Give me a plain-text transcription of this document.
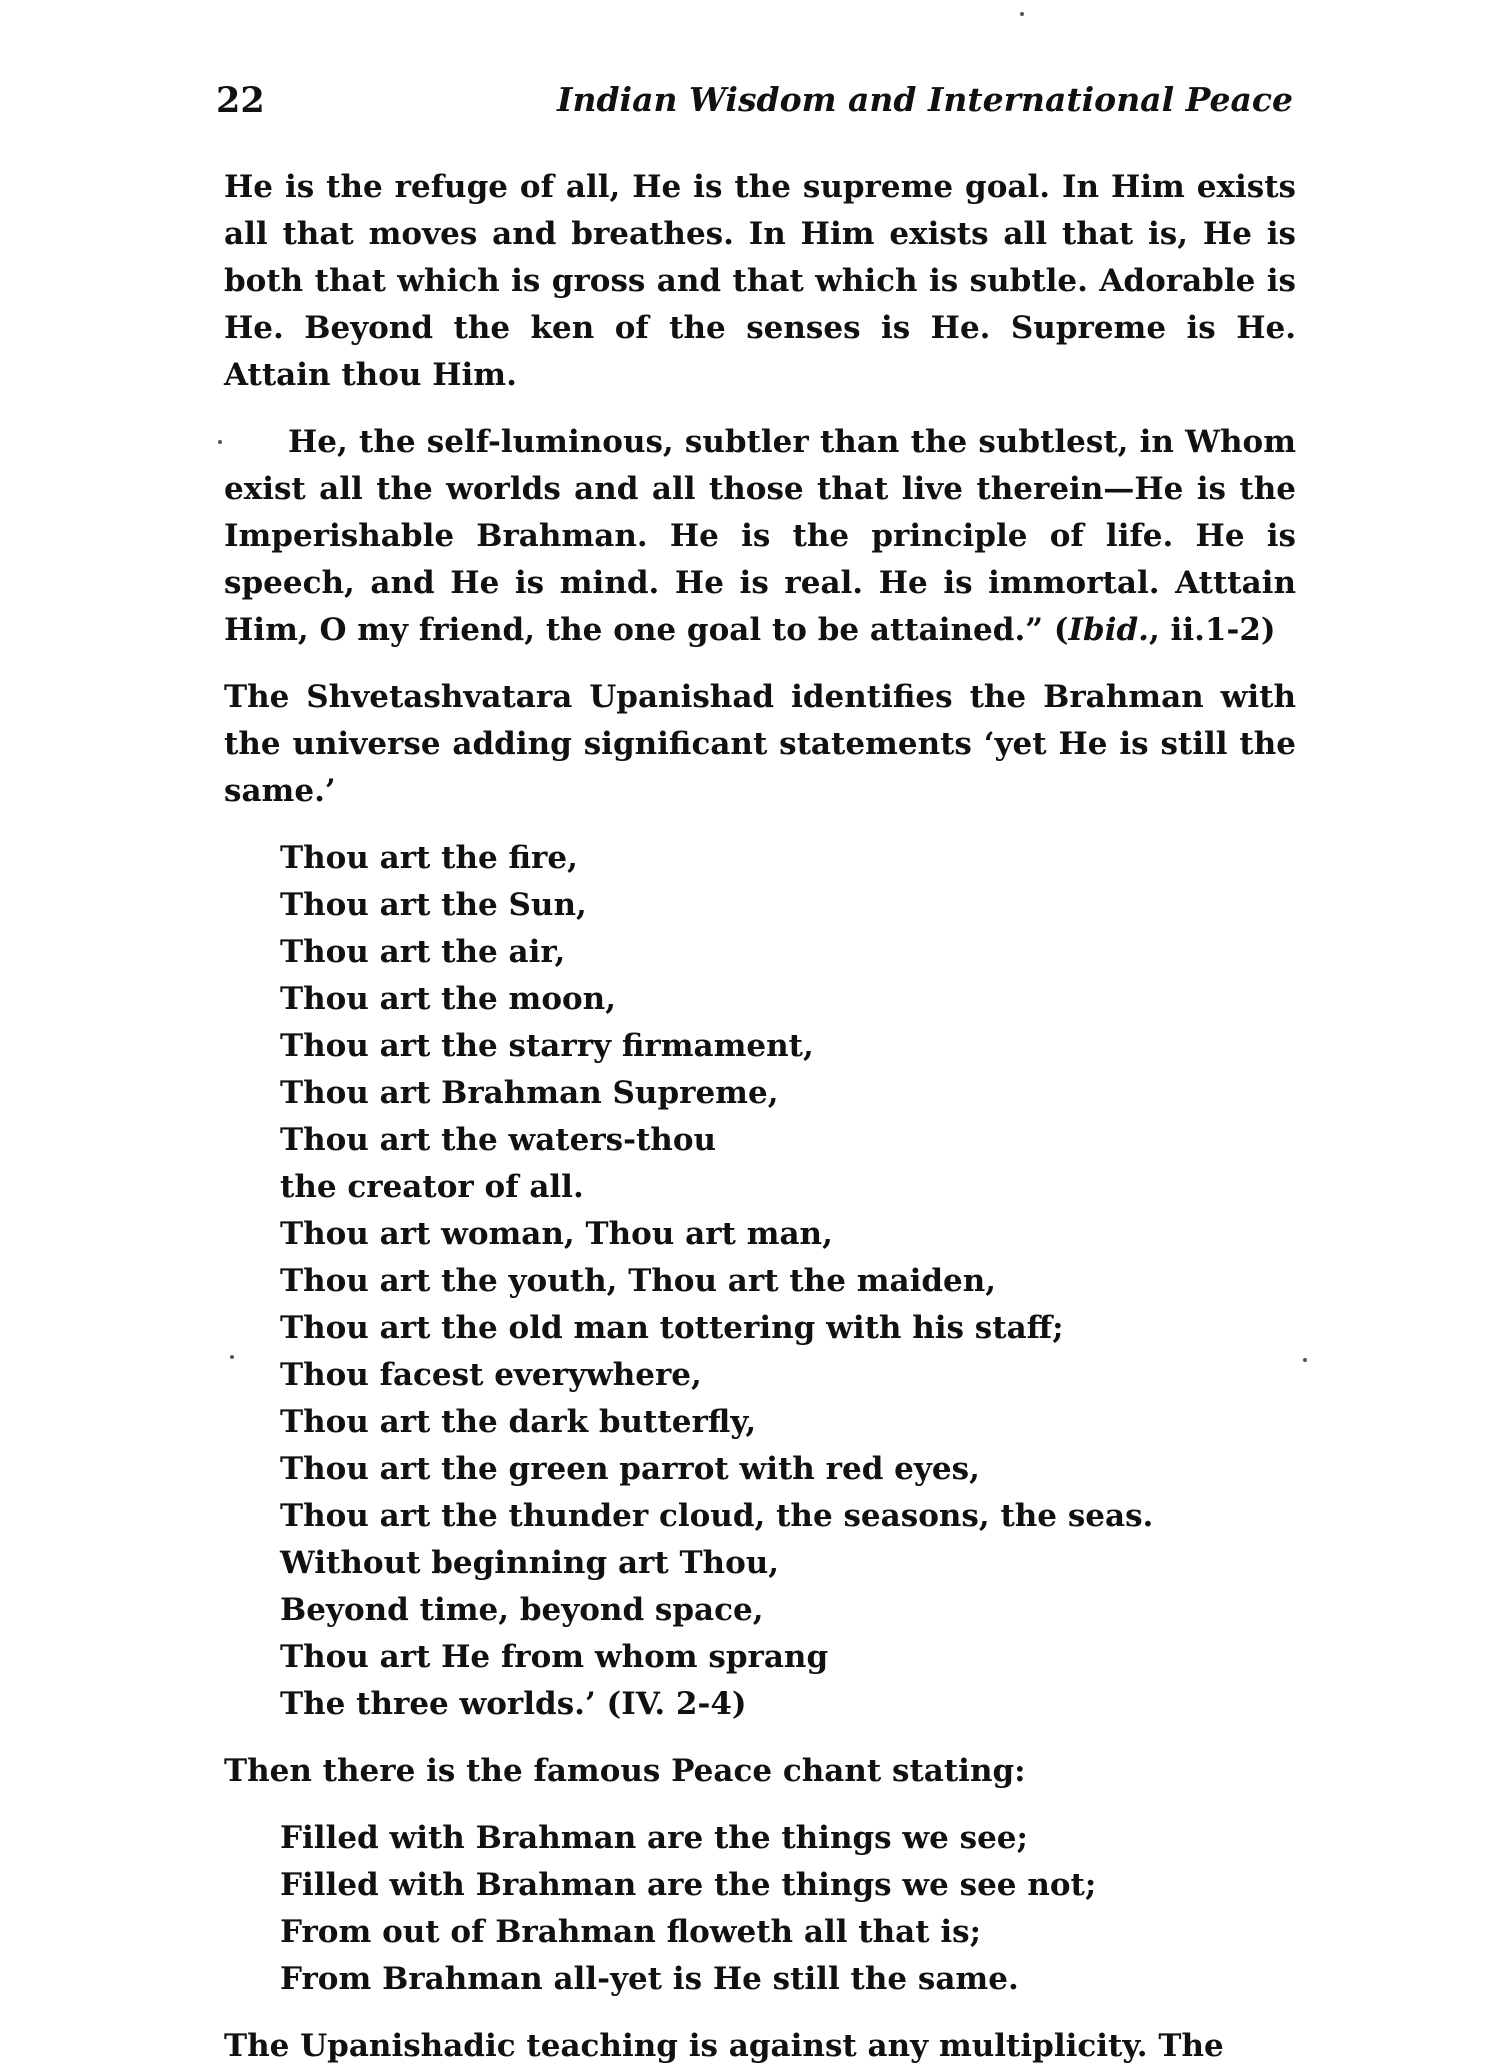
22	Indian Wisdom and International Peace

He is the refuge of all, He is the supreme goal. In Him exists all that moves and breathes. In Him exists all that is, He is both that which is gross and that which is subtle. Adorable is He. Beyond the ken of the senses is He. Supreme is He. Attain thou Him.

He, the self-luminous, subtler than the subtlest, in Whom exist all the worlds and all those that live therein—He is the Imperishable Brahman. He is the principle of life. He is speech, and He is mind. He is real. He is immortal. Atttain Him, O my friend, the one goal to be attained.” (Ibid., ii.1-2)

The Shvetashvatara Upanishad identifies the Brahman with the universe adding significant statements ‘yet He is still the same.’

Thou art the fire,
Thou art the Sun,
Thou art the air,
Thou art the moon,
Thou art the starry firmament,
Thou art Brahman Supreme,
Thou art the waters-thou
the creator of all.
Thou art woman, Thou art man,
Thou art the youth, Thou art the maiden,
Thou art the old man tottering with his staff;
Thou facest everywhere,
Thou art the dark butterfly,
Thou art the green parrot with red eyes,
Thou art the thunder cloud, the seasons, the seas.
Without beginning art Thou,
Beyond time, beyond space,
Thou art He from whom sprang
The three worlds.’ (IV. 2-4)

Then there is the famous Peace chant stating:

Filled with Brahman are the things we see;
Filled with Brahman are the things we see not;
From out of Brahman floweth all that is;
From Brahman all-yet is He still the same.

The Upanishadic teaching is against any multiplicity. The
